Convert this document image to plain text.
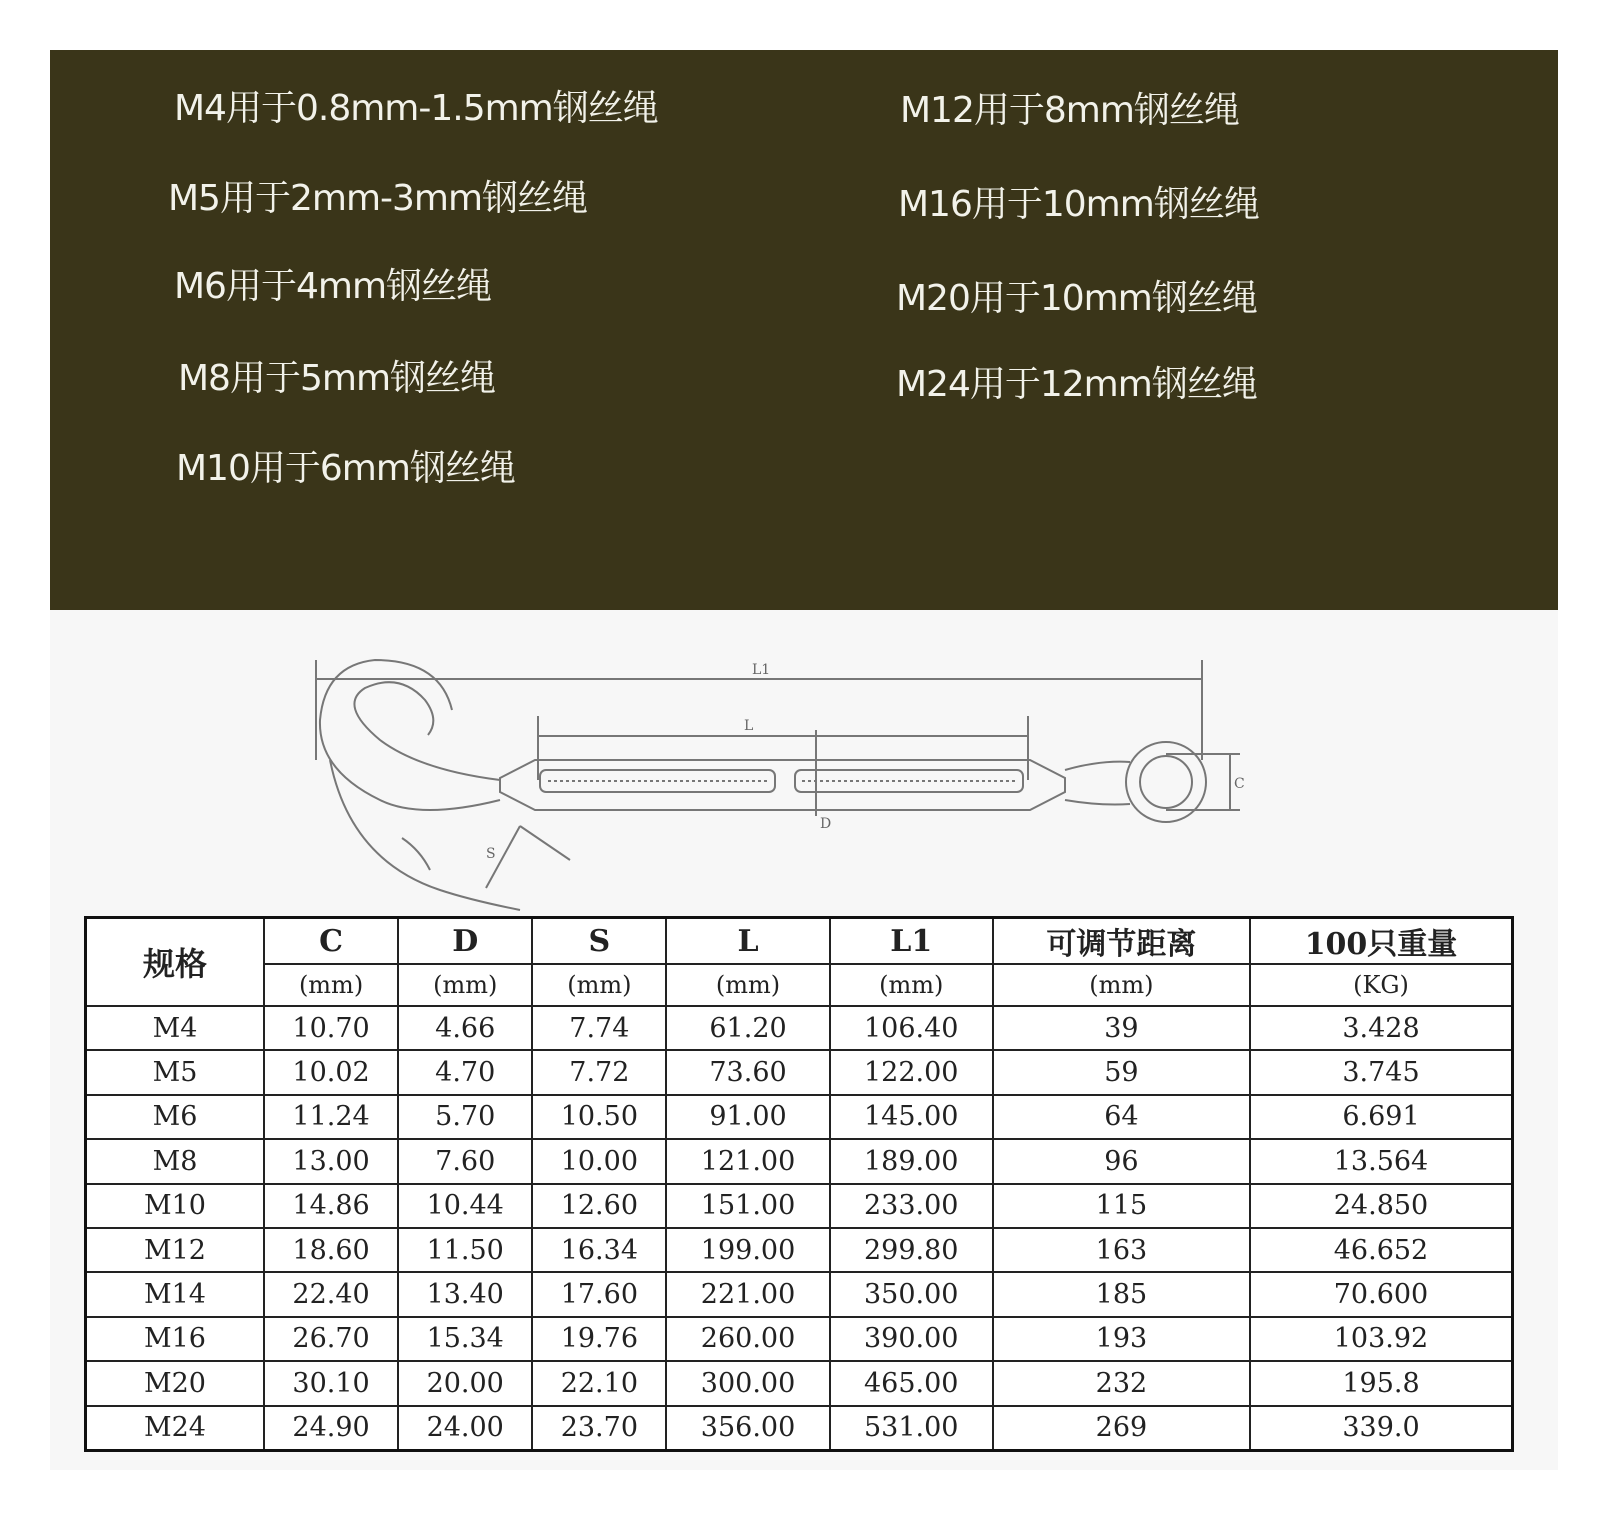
M4用于0.8mm-1.5mm钢丝绳
M5用于2mm-3mm钢丝绳
M6用于4mm钢丝绳
M8用于5mm钢丝绳
M10用于6mm钢丝绳
M12用于8mm钢丝绳
M16用于10mm钢丝绳
M20用于10mm钢丝绳
M24用于12mm钢丝绳
L1
L
C
D
S
规格	C	D	S	L	L1	可调节距离	100只重量
	(mm)	(mm)	(mm)	(mm)	(mm)	(mm)	(KG)
M4	10.70	4.66	7.74	61.20	106.40	39	3.428
M5	10.02	4.70	7.72	73.60	122.00	59	3.745
M6	11.24	5.70	10.50	91.00	145.00	64	6.691
M8	13.00	7.60	10.00	121.00	189.00	96	13.564
M10	14.86	10.44	12.60	151.00	233.00	115	24.850
M12	18.60	11.50	16.34	199.00	299.80	163	46.652
M14	22.40	13.40	17.60	221.00	350.00	185	70.600
M16	26.70	15.34	19.76	260.00	390.00	193	103.92
M20	30.10	20.00	22.10	300.00	465.00	232	195.8
M24	24.90	24.00	23.70	356.00	531.00	269	339.0
